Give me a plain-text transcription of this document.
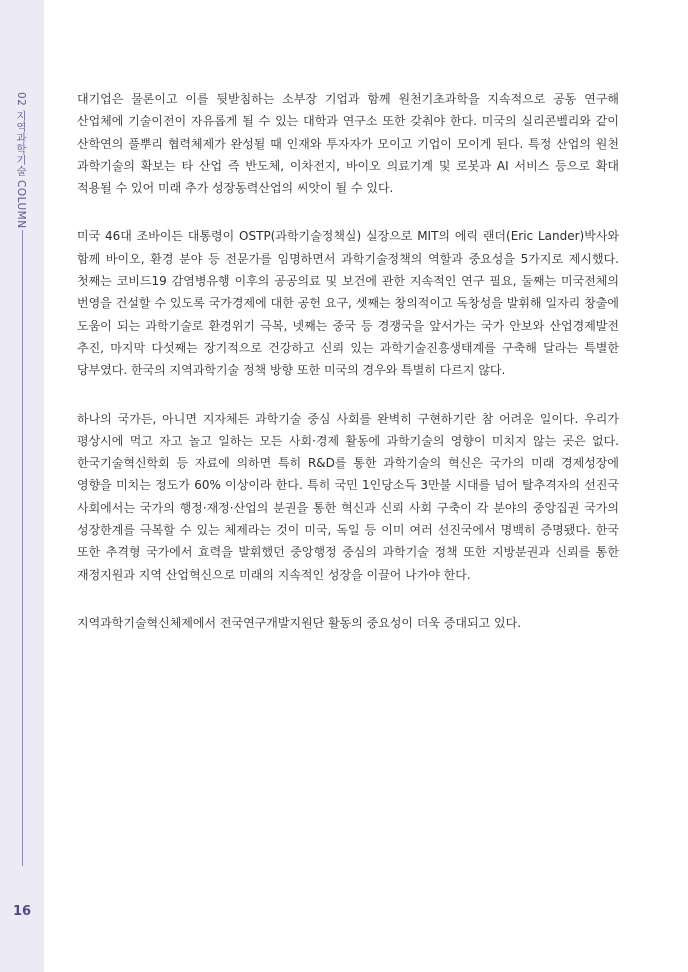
02 지역과학기술 COLUMN
16

대기업은 물론이고 이를 뒷받침하는 소부장 기업과 함께 원천기초과학을 지속적으로 공동 연구해 산업체에 기술이전이 자유롭게 될 수 있는 대학과 연구소 또한 갖춰야 한다. 미국의 실리콘벨리와 같이 산학연의 풀뿌리 협력체제가 완성될 때 인재와 투자자가 모이고 기업이 모이게 된다. 특정 산업의 원천 과학기술의 확보는 타 산업 즉 반도체, 이차전지, 바이오 의료기계 및 로봇과 AI 서비스 등으로 확대 적용될 수 있어 미래 추가 성장동력산업의 씨앗이 될 수 있다.

미국 46대 조바이든 대통령이 OSTP(과학기술정책실) 실장으로 MIT의 에릭 랜더(Eric Lander)박사와 함께 바이오, 환경 분야 등 전문가를 임명하면서 과학기술정책의 역할과 중요성을 5가지로 제시했다. 첫째는 코비드19 감염병유행 이후의 공공의료 및 보건에 관한 지속적인 연구 필요, 둘째는 미국전체의 번영을 건설할 수 있도록 국가경제에 대한 공헌 요구, 셋째는 창의적이고 독창성을 발휘해 일자리 창출에 도움이 되는 과학기술로 환경위기 극복, 넷째는 중국 등 경쟁국을 앞서가는 국가 안보와 산업경제발전 추진, 마지막 다섯째는 장기적으로 건강하고 신뢰 있는 과학기술진흥생태계를 구축해 달라는 특별한 당부였다. 한국의 지역과학기술 정책 방향 또한 미국의 경우와 특별히 다르지 않다.

하나의 국가든, 아니면 지자체든 과학기술 중심 사회를 완벽히 구현하기란 참 어려운 일이다. 우리가 평상시에 먹고 자고 놀고 일하는 모든 사회·경제 활동에 과학기술의 영향이 미치지 않는 곳은 없다. 한국기술혁신학회 등 자료에 의하면 특히 R&D를 통한 과학기술의 혁신은 국가의 미래 경제성장에 영향을 미치는 정도가 60% 이상이라 한다. 특히 국민 1인당소득 3만불 시대를 넘어 탈추격자의 선진국 사회에서는 국가의 행정·재정·산업의 분권을 통한 혁신과 신뢰 사회 구축이 각 분야의 중앙집권 국가의 성장한계를 극복할 수 있는 체제라는 것이 미국, 독일 등 이미 여러 선진국에서 명백히 증명됐다. 한국 또한 추격형 국가에서 효력을 발휘했던 중앙행정 중심의 과학기술 정책 또한 지방분권과 신뢰를 통한 재정지원과 지역 산업혁신으로 미래의 지속적인 성장을 이끌어 나가야 한다.

지역과학기술혁신체제에서 전국연구개발지원단 활동의 중요성이 더욱 증대되고 있다.
